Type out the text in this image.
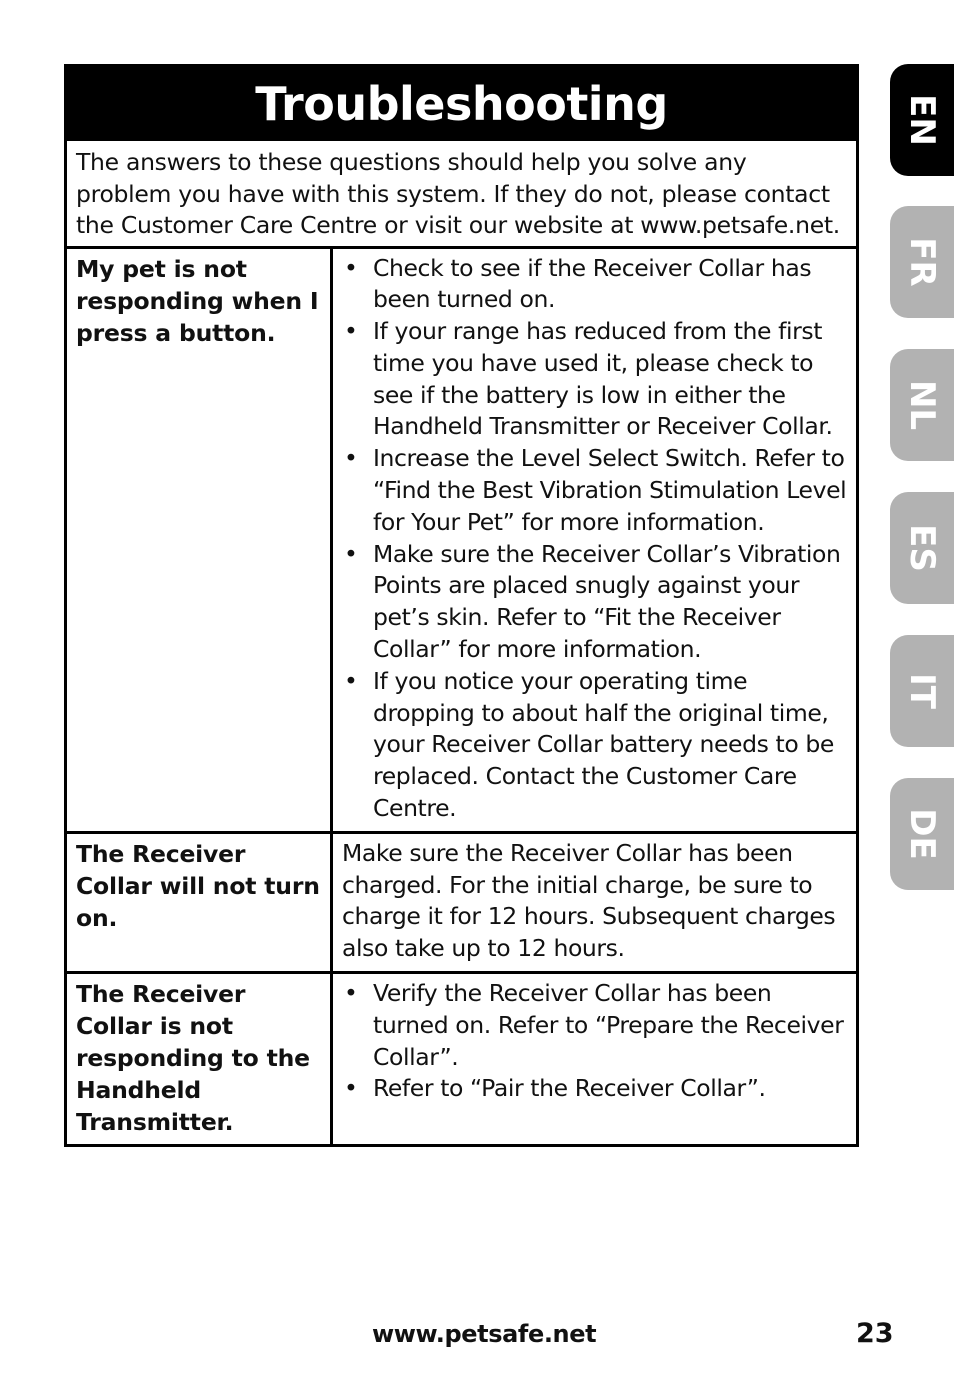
Troubleshooting
The answers to these questions should help you solve any problem you have with this system. If they do not, please contact the Customer Care Centre or visit our website at www.petsafe.net.
My pet is not responding when I press a button.
• Check to see if the Receiver Collar has been turned on.
• If your range has reduced from the first time you have used it, please check to see if the battery is low in either the Handheld Transmitter or Receiver Collar.
• Increase the Level Select Switch. Refer to “Find the Best Vibration Stimulation Level for Your Pet” for more information.
• Make sure the Receiver Collar’s Vibration Points are placed snugly against your pet’s skin. Refer to “Fit the Receiver Collar” for more information.
• If you notice your operating time dropping to about half the original time, your Receiver Collar battery needs to be replaced. Contact the Customer Care Centre.
The Receiver Collar will not turn on.
Make sure the Receiver Collar has been charged. For the initial charge, be sure to charge it for 12 hours. Subsequent charges also take up to 12 hours.
The Receiver Collar is not responding to the Handheld Transmitter.
• Verify the Receiver Collar has been turned on. Refer to “Prepare the Receiver Collar”.
• Refer to “Pair the Receiver Collar”.
EN
FR
NL
ES
IT
DE
www.petsafe.net	23
